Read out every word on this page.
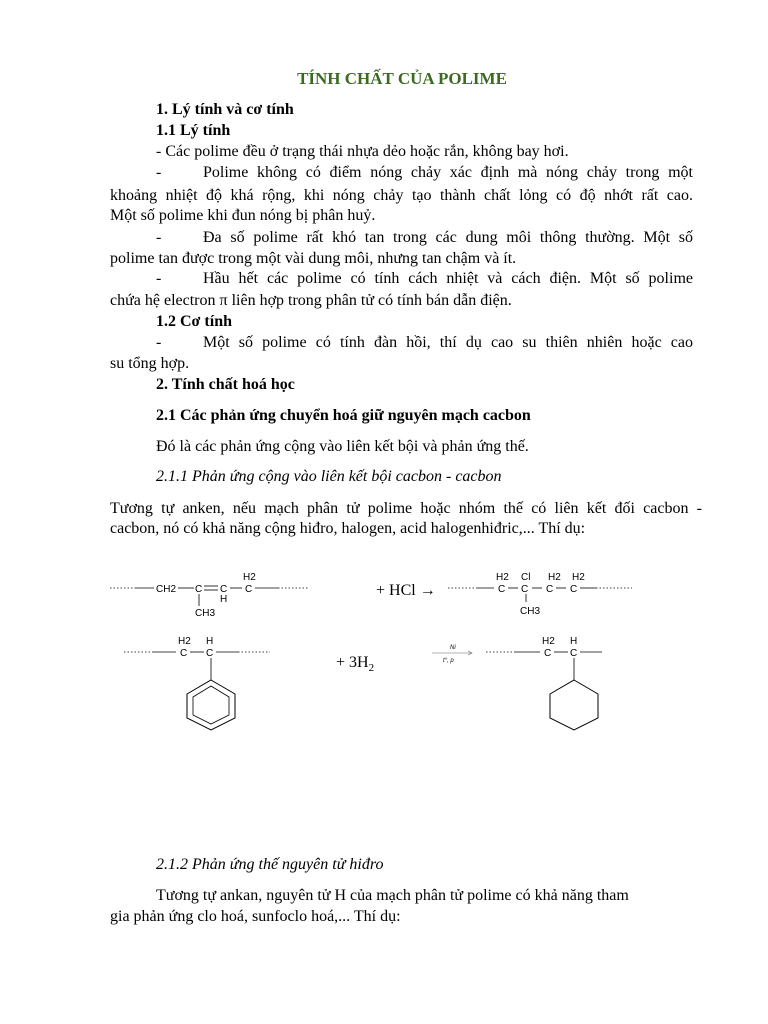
TÍNH CHẤT CỦA POLIME
1. Lý tính và cơ tính
1.1 Lý tính
- Các polime đều ở trạng thái nhựa dẻo hoặc rắn, không bay hơi.
-	Polime không có điểm nóng chảy xác định mà nóng chảy trong một
khoảng nhiệt độ khá rộng, khi nóng chảy tạo thành chất lỏng có độ nhớt rất cao.
Một số polime khi đun nóng bị phân huỷ.
-	Đa số polime rất khó tan trong các dung môi thông thường. Một số
polime tan được trong một vài dung môi, nhưng tan chậm và ít.
-	Hầu hết các polime có tính cách nhiệt và cách điện. Một số polime
chứa hệ electron π liên hợp trong phân tử có tính bán dẫn điện.
1.2 Cơ tính
-	Một số polime có tính đàn hồi, thí dụ cao su thiên nhiên hoặc cao
su tổng hợp.
2. Tính chất hoá học
2.1 Các phản ứng chuyển hoá giữ nguyên mạch cacbon
Đó là các phản ứng cộng vào liên kết bội và phản ứng thế.
2.1.1 Phản ứng cộng vào liên kết bội cacbon - cacbon
Tương tự anken, nếu mạch phân tử polime hoặc nhóm thế có liên kết đối cacbon -
cacbon, nó có khả năng cộng hiđro, halogen, acid halogenhiđric,... Thí dụ:
CH2 C C
H
H2
C
CH3
+ HCl →
H2
C
Cl
C
CH3
H2
C
H2
C
H2
C
H
C
+ $3H_2$
Ni
t°, p
H2
C
H
C
2.1.2 Phản ứng thế nguyên tử hiđro
Tương tự ankan, nguyên tử H của mạch phân tử polime có khả năng tham
gia phản ứng clo hoá, sunfoclo hoá,... Thí dụ:
